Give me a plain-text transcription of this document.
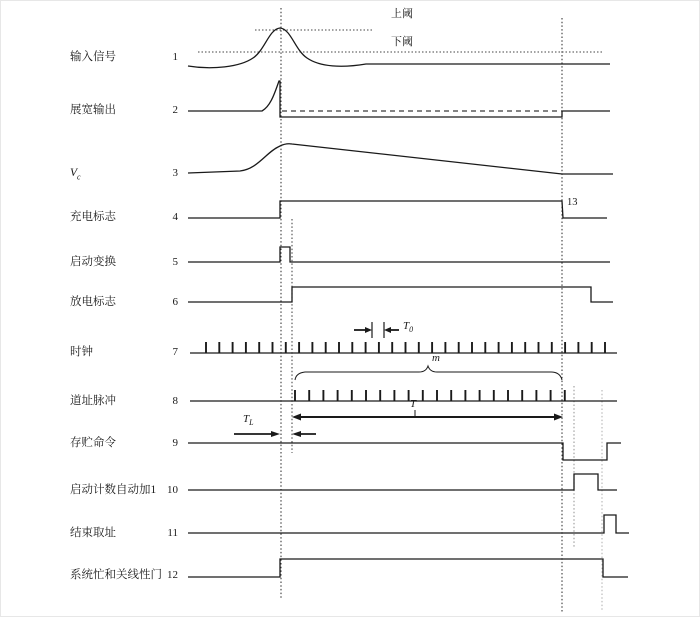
输入信号
展宽输出
$V_c$
充电标志
启动变换
放电标志
时钟
道址脉冲
存贮命令
启动计数自动加1
结束取址
系统忙和关线性门
1
2
3
4
5
6
7
8
9
10
11
12
上阈
下阈
13
$T_0$
m
T
$T_L$
